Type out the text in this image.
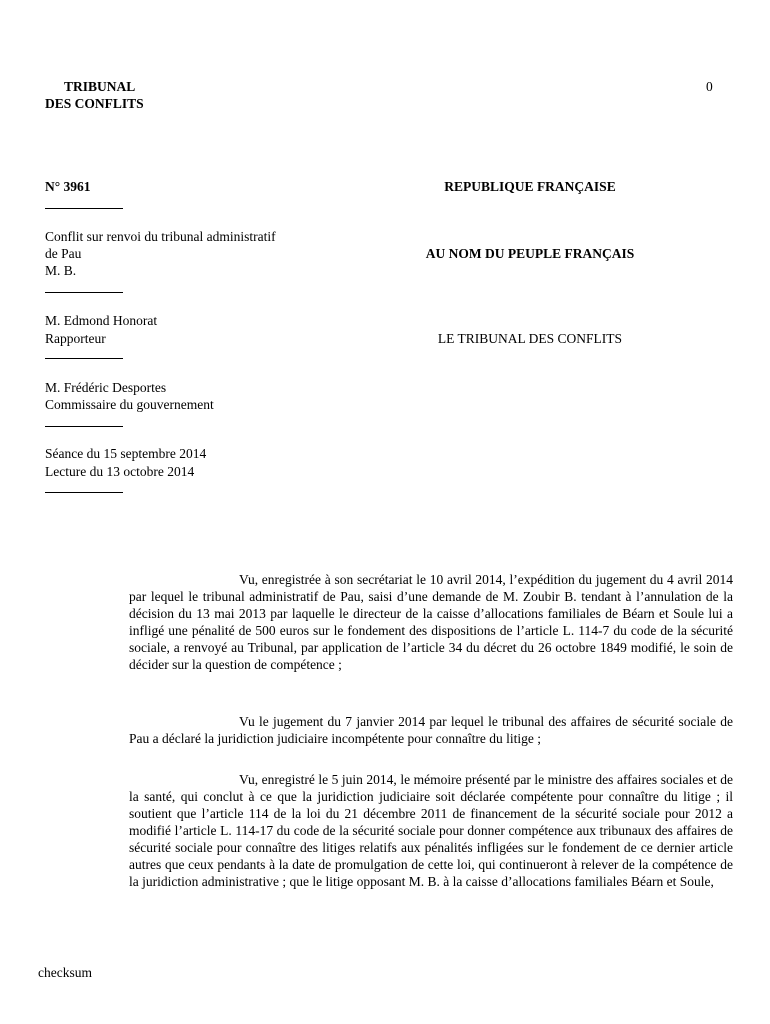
TRIBUNAL
DES CONFLITS
0
N° 3961
Conflit sur renvoi du tribunal administratif
de Pau
M. B.
M. Edmond Honorat
Rapporteur
M. Frédéric Desportes
Commissaire du gouvernement
Séance du 15 septembre 2014
Lecture du 13 octobre 2014
REPUBLIQUE FRANÇAISE
AU NOM DU PEUPLE FRANÇAIS
LE TRIBUNAL DES CONFLITS
Vu, enregistrée à son secrétariat le 10 avril 2014, l’expédition du jugement du 4 avril 2014 par lequel le tribunal administratif de Pau, saisi d’une demande de M. Zoubir B. tendant à l’annulation de la décision du 13 mai 2013 par laquelle le directeur de la caisse d’allocations familiales de Béarn et Soule lui a infligé une pénalité de 500 euros sur le fondement des dispositions de l’article L. 114-7 du code de la sécurité sociale, a renvoyé au Tribunal, par application de l’article 34 du décret du 26 octobre 1849 modifié, le soin de décider sur la question de compétence ;
Vu le jugement du 7 janvier 2014 par lequel le tribunal des affaires de sécurité sociale de Pau a déclaré la juridiction judiciaire incompétente pour connaître du litige ;
Vu, enregistré le 5 juin 2014, le mémoire présenté par le ministre des affaires sociales et de la santé, qui conclut à ce que la juridiction judiciaire soit déclarée compétente pour connaître du litige ; il soutient que l’article 114 de la loi du 21 décembre 2011 de financement de la sécurité sociale pour 2012 a modifié l’article L. 114-17 du code de la sécurité sociale pour donner compétence aux tribunaux des affaires de sécurité sociale pour connaître des litiges relatifs aux pénalités infligées sur le fondement de ce dernier article autres que ceux pendants à la date de promulgation de cette loi, qui continueront à relever de la compétence de la juridiction administrative ; que le litige opposant M. B. à la caisse d’allocations familiales Béarn et Soule,
checksum
